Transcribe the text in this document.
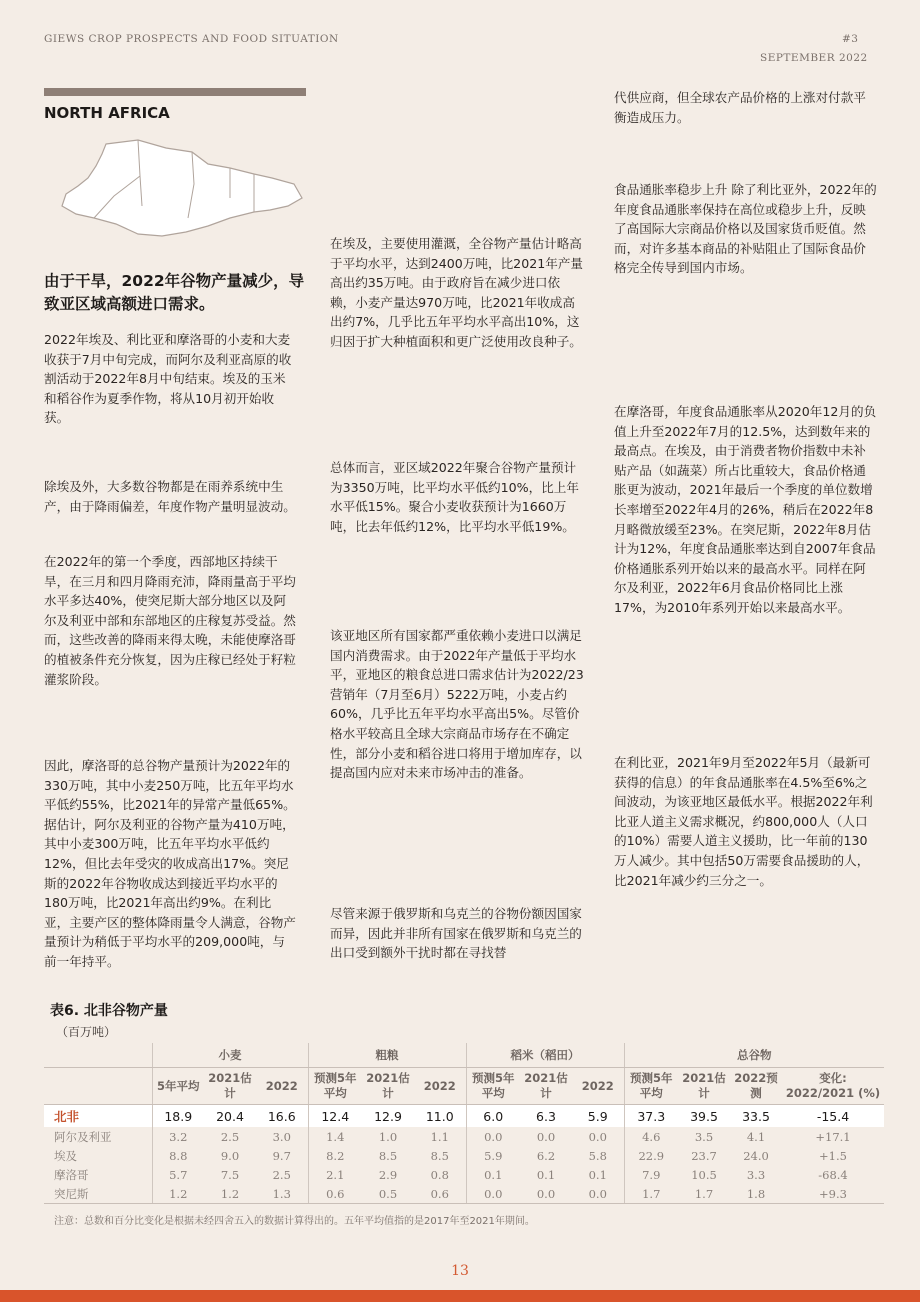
GIEWS CROP PROSPECTS AND FOOD SITUATION	#3
SEPTEMBER 2022
NORTH AFRICA
由于干旱，2022年谷物产量减少，导致亚区域高额进口需求。

2022年埃及、利比亚和摩洛哥的小麦和大麦收获于7月中旬完成，而阿尔及利亚高原的收割活动于2022年8月中旬结束。埃及的玉米和稻谷作为夏季作物，将从10月初开始收获。

除埃及外，大多数谷物都是在雨养系统中生产，由于降雨偏差，年度作物产量明显波动。

在2022年的第一个季度，西部地区持续干旱，在三月和四月降雨充沛，降雨量高于平均水平多达40%，使突尼斯大部分地区以及阿尔及利亚中部和东部地区的庄稼复苏受益。然而，这些改善的降雨来得太晚，未能使摩洛哥的植被条件充分恢复，因为庄稼已经处于籽粒灌浆阶段。

因此，摩洛哥的总谷物产量预计为2022年的330万吨，其中小麦250万吨，比五年平均水平低约55%，比2021年的异常产量低65%。据估计，阿尔及利亚的谷物产量为410万吨，其中小麦300万吨，比五年平均水平低约12%，但比去年受灾的收成高出17%。突尼斯的2022年谷物收成达到接近平均水平的180万吨，比2021年高出约9%。在利比亚，主要产区的整体降雨量令人满意，谷物产量预计为稍低于平均水平的209,000吨，与前一年持平。

在埃及，主要使用灌溉，全谷物产量估计略高于平均水平，达到2400万吨，比2021年产量高出约35万吨。由于政府旨在减少进口依赖，小麦产量达970万吨，比2021年收成高出约7%，几乎比五年平均水平高出10%，这归因于扩大种植面积和更广泛使用改良种子。

总体而言，亚区域2022年聚合谷物产量预计为3350万吨，比平均水平低约10%，比上年水平低15%。聚合小麦收获预计为1660万吨，比去年低约12%，比平均水平低19%。

该亚地区所有国家都严重依赖小麦进口以满足国内消费需求。由于2022年产量低于平均水平，亚地区的粮食总进口需求估计为2022/23营销年（7月至6月）5222万吨，小麦占约60%，几乎比五年平均水平高出5%。尽管价格水平较高且全球大宗商品市场存在不确定性，部分小麦和稻谷进口将用于增加库存，以提高国内应对未来市场冲击的准备。

尽管来源于俄罗斯和乌克兰的谷物份额因国家而异，因此并非所有国家在俄罗斯和乌克兰的出口受到额外干扰时都在寻找替

代供应商，但全球农产品价格的上涨对付款平衡造成压力。

食品通胀率稳步上升 除了利比亚外，2022年的年度食品通胀率保持在高位或稳步上升，反映了高国际大宗商品价格以及国家货币贬值。然而，对许多基本商品的补贴阻止了国际食品价格完全传导到国内市场。

在摩洛哥，年度食品通胀率从2020年12月的负值上升至2022年7月的12.5%，达到数年来的最高点。在埃及，由于消费者物价指数中未补贴产品（如蔬菜）所占比重较大，食品价格通胀更为波动，2021年最后一个季度的单位数增长率增至2022年4月的26%，稍后在2022年8月略微放缓至23%。在突尼斯，2022年8月估计为12%，年度食品通胀率达到自2007年食品价格通胀系列开始以来的最高水平。同样在阿尔及利亚，2022年6月食品价格同比上涨17%，为2010年系列开始以来最高水平。

在利比亚，2021年9月至2022年5月（最新可获得的信息）的年食品通胀率在4.5%至6%之间波动，为该亚地区最低水平。根据2022年利比亚人道主义需求概况，约800,000人（人口的10%）需要人道主义援助，比一年前的130万人减少。其中包括50万需要食品援助的人，比2021年减少约三分之一。

表6. 北非谷物产量
（百万吨）
	小麦			粗粮			稻米（稻田）			总谷物			
	5年平均	2021估计	2022	预测5年平均	2021估计	2022	预测5年平均	2021估计	2022	预测5年平均	2021估计	2022预测	变化: 2022/2021 (%)
北非	18.9	20.4	16.6	12.4	12.9	11.0	6.0	6.3	5.9	37.3	39.5	33.5	-15.4
阿尔及利亚	3.2	2.5	3.0	1.4	1.0	1.1	0.0	0.0	0.0	4.6	3.5	4.1	+17.1
埃及	8.8	9.0	9.7	8.2	8.5	8.5	5.9	6.2	5.8	22.9	23.7	24.0	+1.5
摩洛哥	5.7	7.5	2.5	2.1	2.9	0.8	0.1	0.1	0.1	7.9	10.5	3.3	-68.4
突尼斯	1.2	1.2	1.3	0.6	0.5	0.6	0.0	0.0	0.0	1.7	1.7	1.8	+9.3
注意：总数和百分比变化是根据未经四舍五入的数据计算得出的。五年平均值指的是2017年至2021年期间。
13
